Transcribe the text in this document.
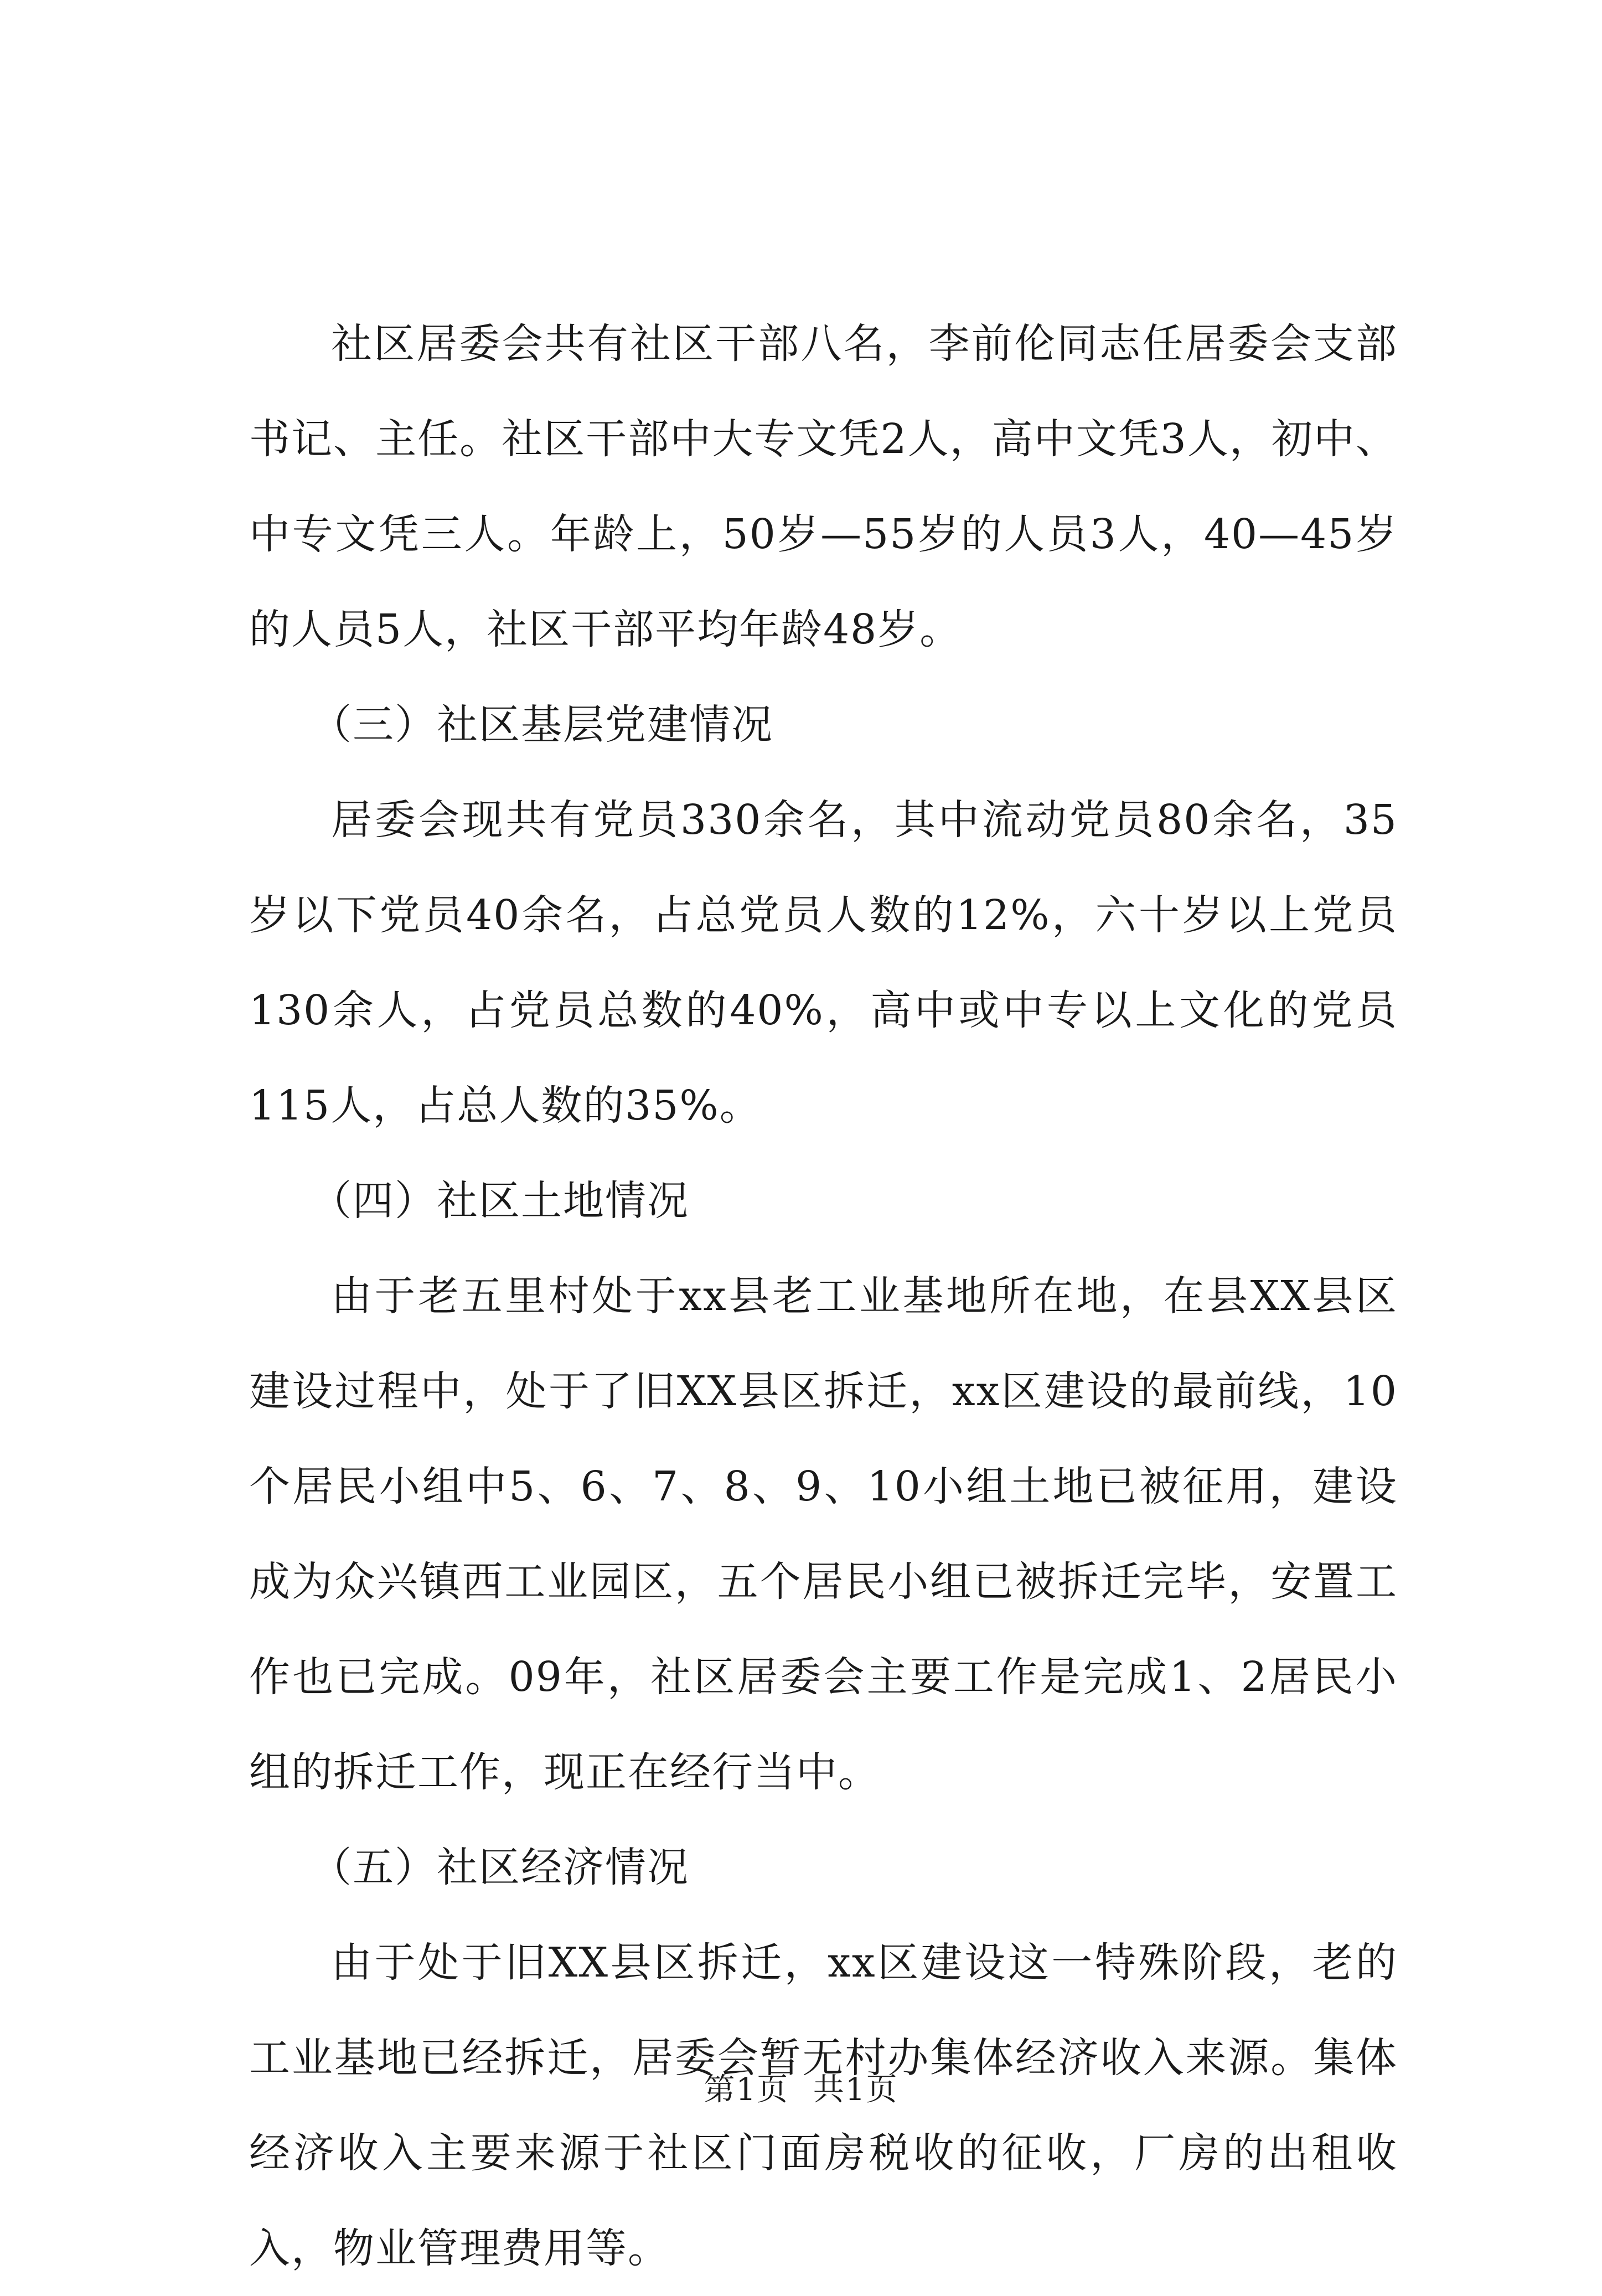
社区居委会共有社区干部八名，李前伦同志任居委会支部书记、主任。社区干部中大专文凭2人，高中文凭3人，初中、中专文凭三人。年龄上，50岁—55岁的人员3人，40—45岁的人员5人，社区干部平均年龄48岁。

（三）社区基层党建情况

居委会现共有党员330余名，其中流动党员80余名，35岁以下党员40余名，占总党员人数的12%，六十岁以上党员130余人，占党员总数的40%，高中或中专以上文化的党员115人，占总人数的35%。

（四）社区土地情况

由于老五里村处于xx县老工业基地所在地，在县XX县区建设过程中，处于了旧XX县区拆迁，xx区建设的最前线，10个居民小组中5、6、7、8、9、10小组土地已被征用，建设成为众兴镇西工业园区，五个居民小组已被拆迁完毕，安置工作也已完成。09年，社区居委会主要工作是完成1、2居民小组的拆迁工作，现正在经行当中。

（五）社区经济情况

由于处于旧XX县区拆迁，xx区建设这一特殊阶段，老的工业基地已经拆迁，居委会暂无村办集体经济收入来源。集体经济收入主要来源于社区门面房税收的征收，厂房的出租收入，物业管理费用等。

第1页 共1页
